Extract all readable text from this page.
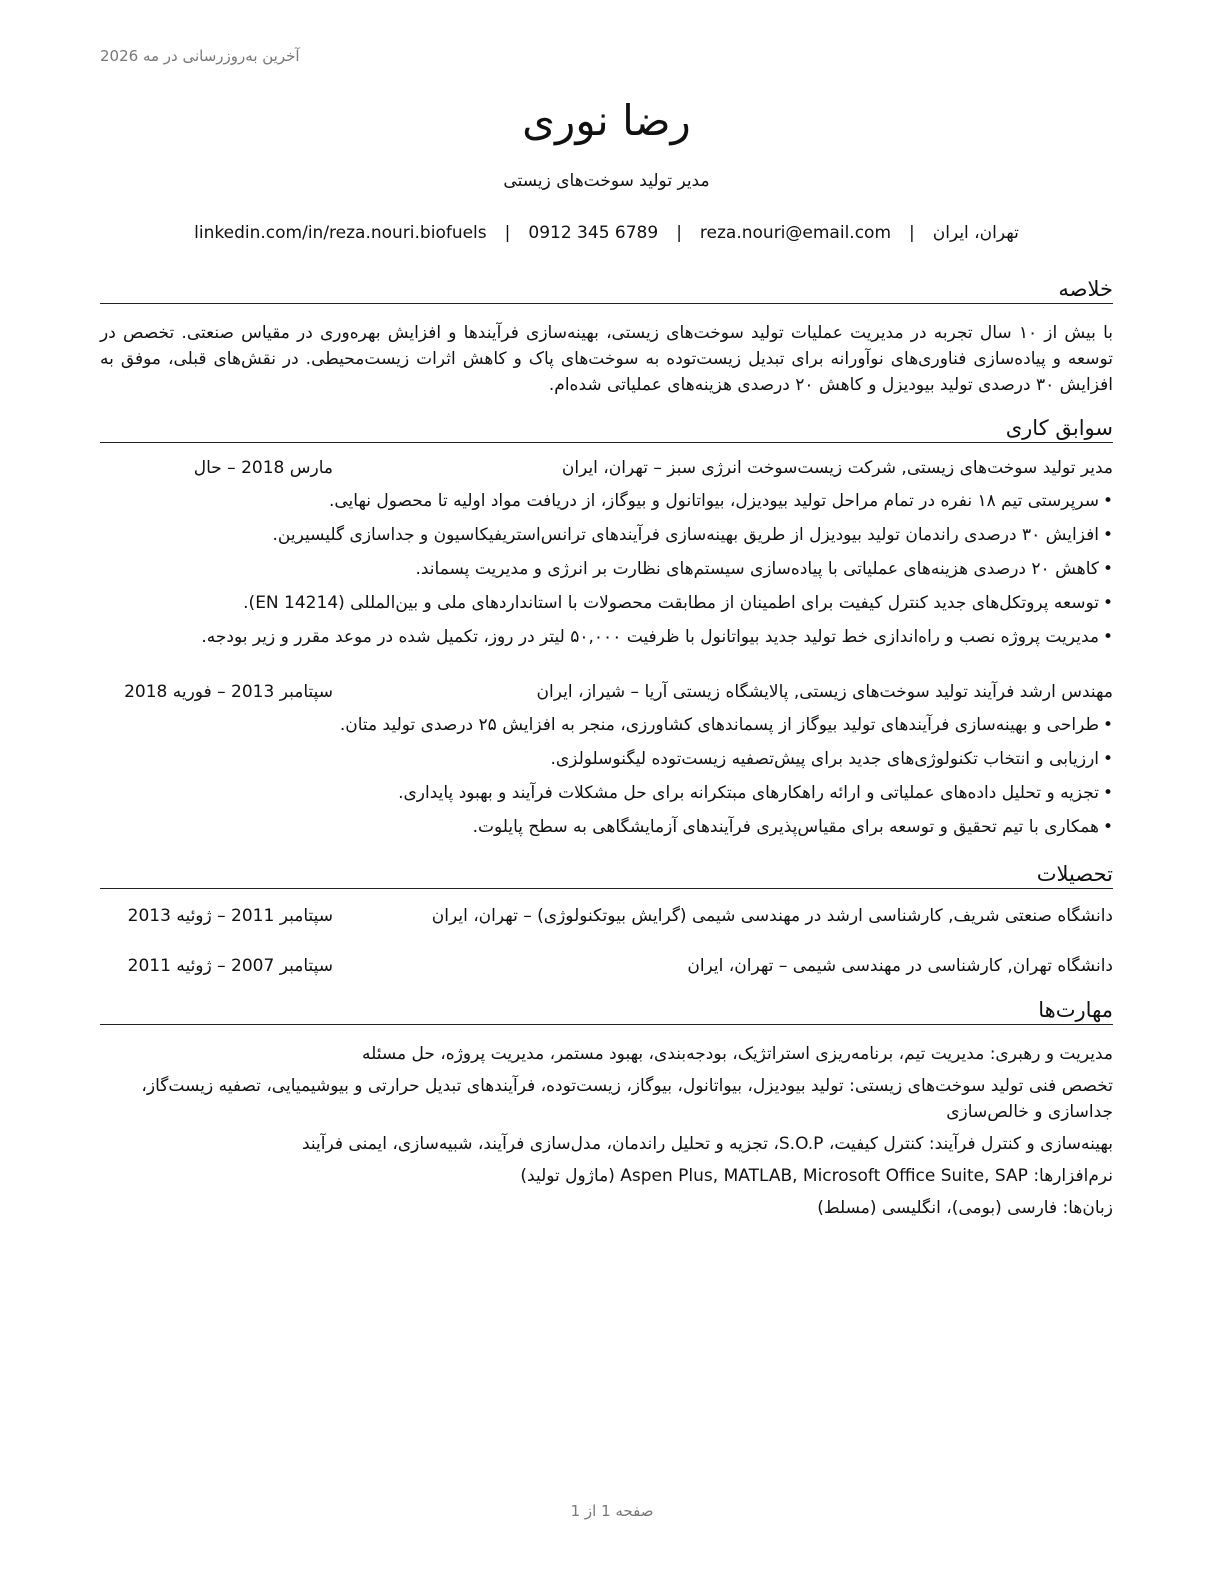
آخرین به‌روزرسانی در مه 2026
رضا نوری
مدیر تولید سوخت‌های زیستی
تهران، ایران
|
reza.nouri@email.com
|
0912 345 6789
|
linkedin.com/in/reza.nouri.biofuels
خلاصه

با بیش از ۱۰ سال تجربه در مدیریت عملیات تولید سوخت‌های زیستی، بهینه‌سازی فرآیندها و افزایش بهره‌وری در مقیاس صنعتی. تخصص در توسعه و پیاده‌سازی فناوری‌های نوآورانه برای تبدیل زیست‌توده به سوخت‌های پاک و کاهش اثرات زیست‌محیطی. در نقش‌های قبلی، موفق به افزایش ۳۰ درصدی تولید بیودیزل و کاهش ۲۰ درصدی هزینه‌های عملیاتی شده‌ام.

سوابق کاری
مدیر تولید سوخت‌های زیستی, شرکت زیست‌سوخت انرژی سبز – تهران، ایران
مارس 2018 – حال
• سرپرستی تیم ۱۸ نفره در تمام مراحل تولید بیودیزل، بیواتانول و بیوگاز، از دریافت مواد اولیه تا محصول نهایی.
• افزایش ۳۰ درصدی راندمان تولید بیودیزل از طریق بهینه‌سازی فرآیندهای ترانس‌استریفیکاسیون و جداسازی گلیسیرین.
• کاهش ۲۰ درصدی هزینه‌های عملیاتی با پیاده‌سازی سیستم‌های نظارت بر انرژی و مدیریت پسماند.
• توسعه پروتکل‌های جدید کنترل کیفیت برای اطمینان از مطابقت محصولات با استانداردهای ملی و بین‌المللی (EN 14214).
• مدیریت پروژه نصب و راه‌اندازی خط تولید جدید بیواتانول با ظرفیت ۵۰,۰۰۰ لیتر در روز، تکمیل شده در موعد مقرر و زیر بودجه.
مهندس ارشد فرآیند تولید سوخت‌های زیستی, پالایشگاه زیستی آریا – شیراز، ایران
سپتامبر 2013 – فوریه 2018
• طراحی و بهینه‌سازی فرآیندهای تولید بیوگاز از پسماندهای کشاورزی، منجر به افزایش ۲۵ درصدی تولید متان.
• ارزیابی و انتخاب تکنولوژی‌های جدید برای پیش‌تصفیه زیست‌توده لیگنوسلولزی.
• تجزیه و تحلیل داده‌های عملیاتی و ارائه راهکارهای مبتکرانه برای حل مشکلات فرآیند و بهبود پایداری.
• همکاری با تیم تحقیق و توسعه برای مقیاس‌پذیری فرآیندهای آزمایشگاهی به سطح پایلوت.
تحصیلات
دانشگاه صنعتی شریف, کارشناسی ارشد در مهندسی شیمی (گرایش بیوتکنولوژی) – تهران، ایران
سپتامبر 2011 – ژوئیه 2013
دانشگاه تهران, کارشناسی در مهندسی شیمی – تهران، ایران
سپتامبر 2007 – ژوئیه 2011
مهارت‌ها

مدیریت و رهبری: مدیریت تیم، برنامه‌ریزی استراتژیک، بودجه‌بندی، بهبود مستمر، مدیریت پروژه، حل مسئله

تخصص فنی تولید سوخت‌های زیستی: تولید بیودیزل، بیواتانول، بیوگاز، زیست‌توده، فرآیندهای تبدیل حرارتی و بیوشیمیایی، تصفیه زیست‌گاز، جداسازی و خالص‌سازی

بهینه‌سازی و کنترل فرآیند: کنترل کیفیت، S.O.P، تجزیه و تحلیل راندمان، مدل‌سازی فرآیند، شبیه‌سازی، ایمنی فرآیند

نرم‌افزارها: Aspen Plus, MATLAB, Microsoft Office Suite, SAP (ماژول تولید)

زبان‌ها: فارسی (بومی)، انگلیسی (مسلط)

صفحه 1 از 1
